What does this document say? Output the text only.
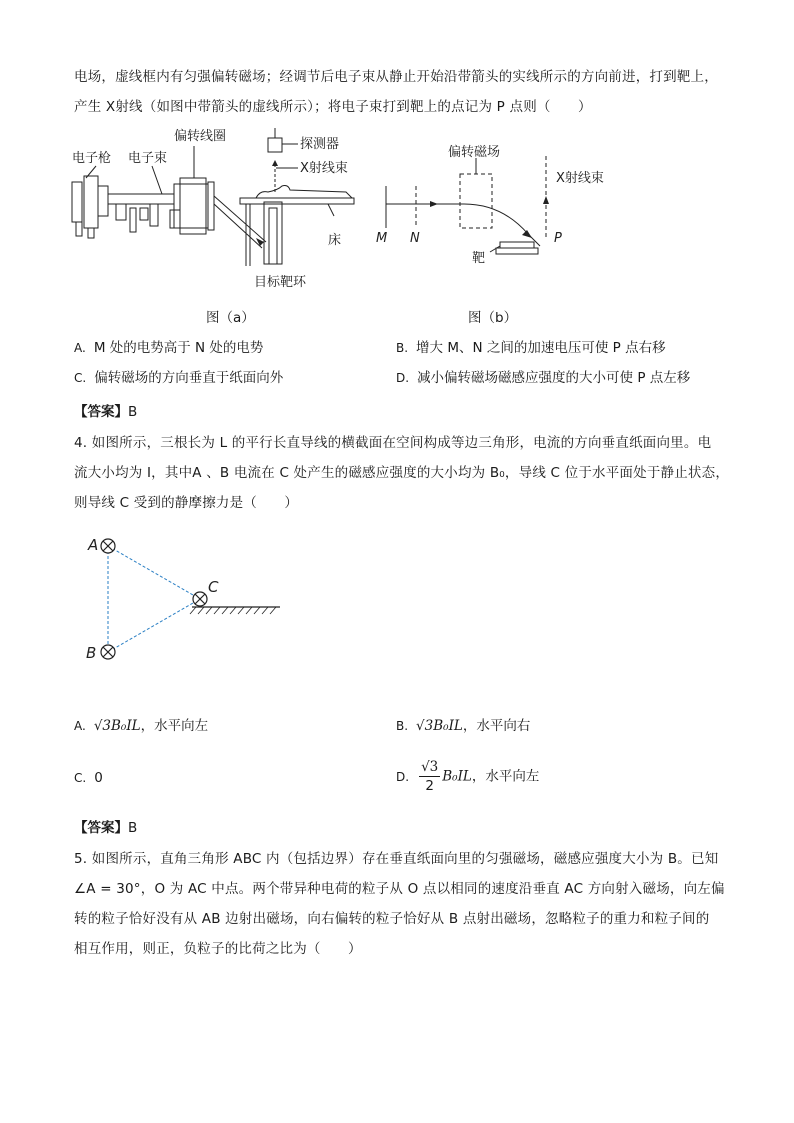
电场，虚线框内有匀强偏转磁场；经调节后电子束从静止开始沿带箭头的实线所示的方向前进，打到靶上，
产生 X射线（如图中带箭头的虚线所示）；将电子束打到靶上的点记为 P 点则（　　）
电子枪 电子束
偏转线圈
探测器
X射线束
床
目标靶环
偏转磁场
X射线束
M N	P
靶
图（a）	图（b）
A. M 处的电势高于 N 处的电势	B. 增大 M、N 之间的加速电压可使 P 点右移
C. 偏转磁场的方向垂直于纸面向外	D. 减小偏转磁场磁感应强度的大小可使 P 点左移
【答案】B
4. 如图所示，三根长为 L 的平行长直导线的横截面在空间构成等边三角形，电流的方向垂直纸面向里。电
流大小均为 I，其中A 、B 电流在 C 处产生的磁感应强度的大小均为 B₀，导线 C 位于水平面处于静止状态，
则导线 C 受到的静摩擦力是（　　）
A
B
C
A. √3B₀IL，水平向左	B. √3B₀IL，水平向右
C. 0	D. $\frac{√3}{2} B_0IL$，水平向左
【答案】B
5. 如图所示，直角三角形 ABC 内（包括边界）存在垂直纸面向里的匀强磁场，磁感应强度大小为 B。已知
∠A = 30°，O 为 AC 中点。两个带异种电荷的粒子从 O 点以相同的速度沿垂直 AC 方向射入磁场，向左偏
转的粒子恰好没有从 AB 边射出磁场，向右偏转的粒子恰好从 B 点射出磁场，忽略粒子的重力和粒子间的
相互作用，则正，负粒子的比荷之比为（　　）
